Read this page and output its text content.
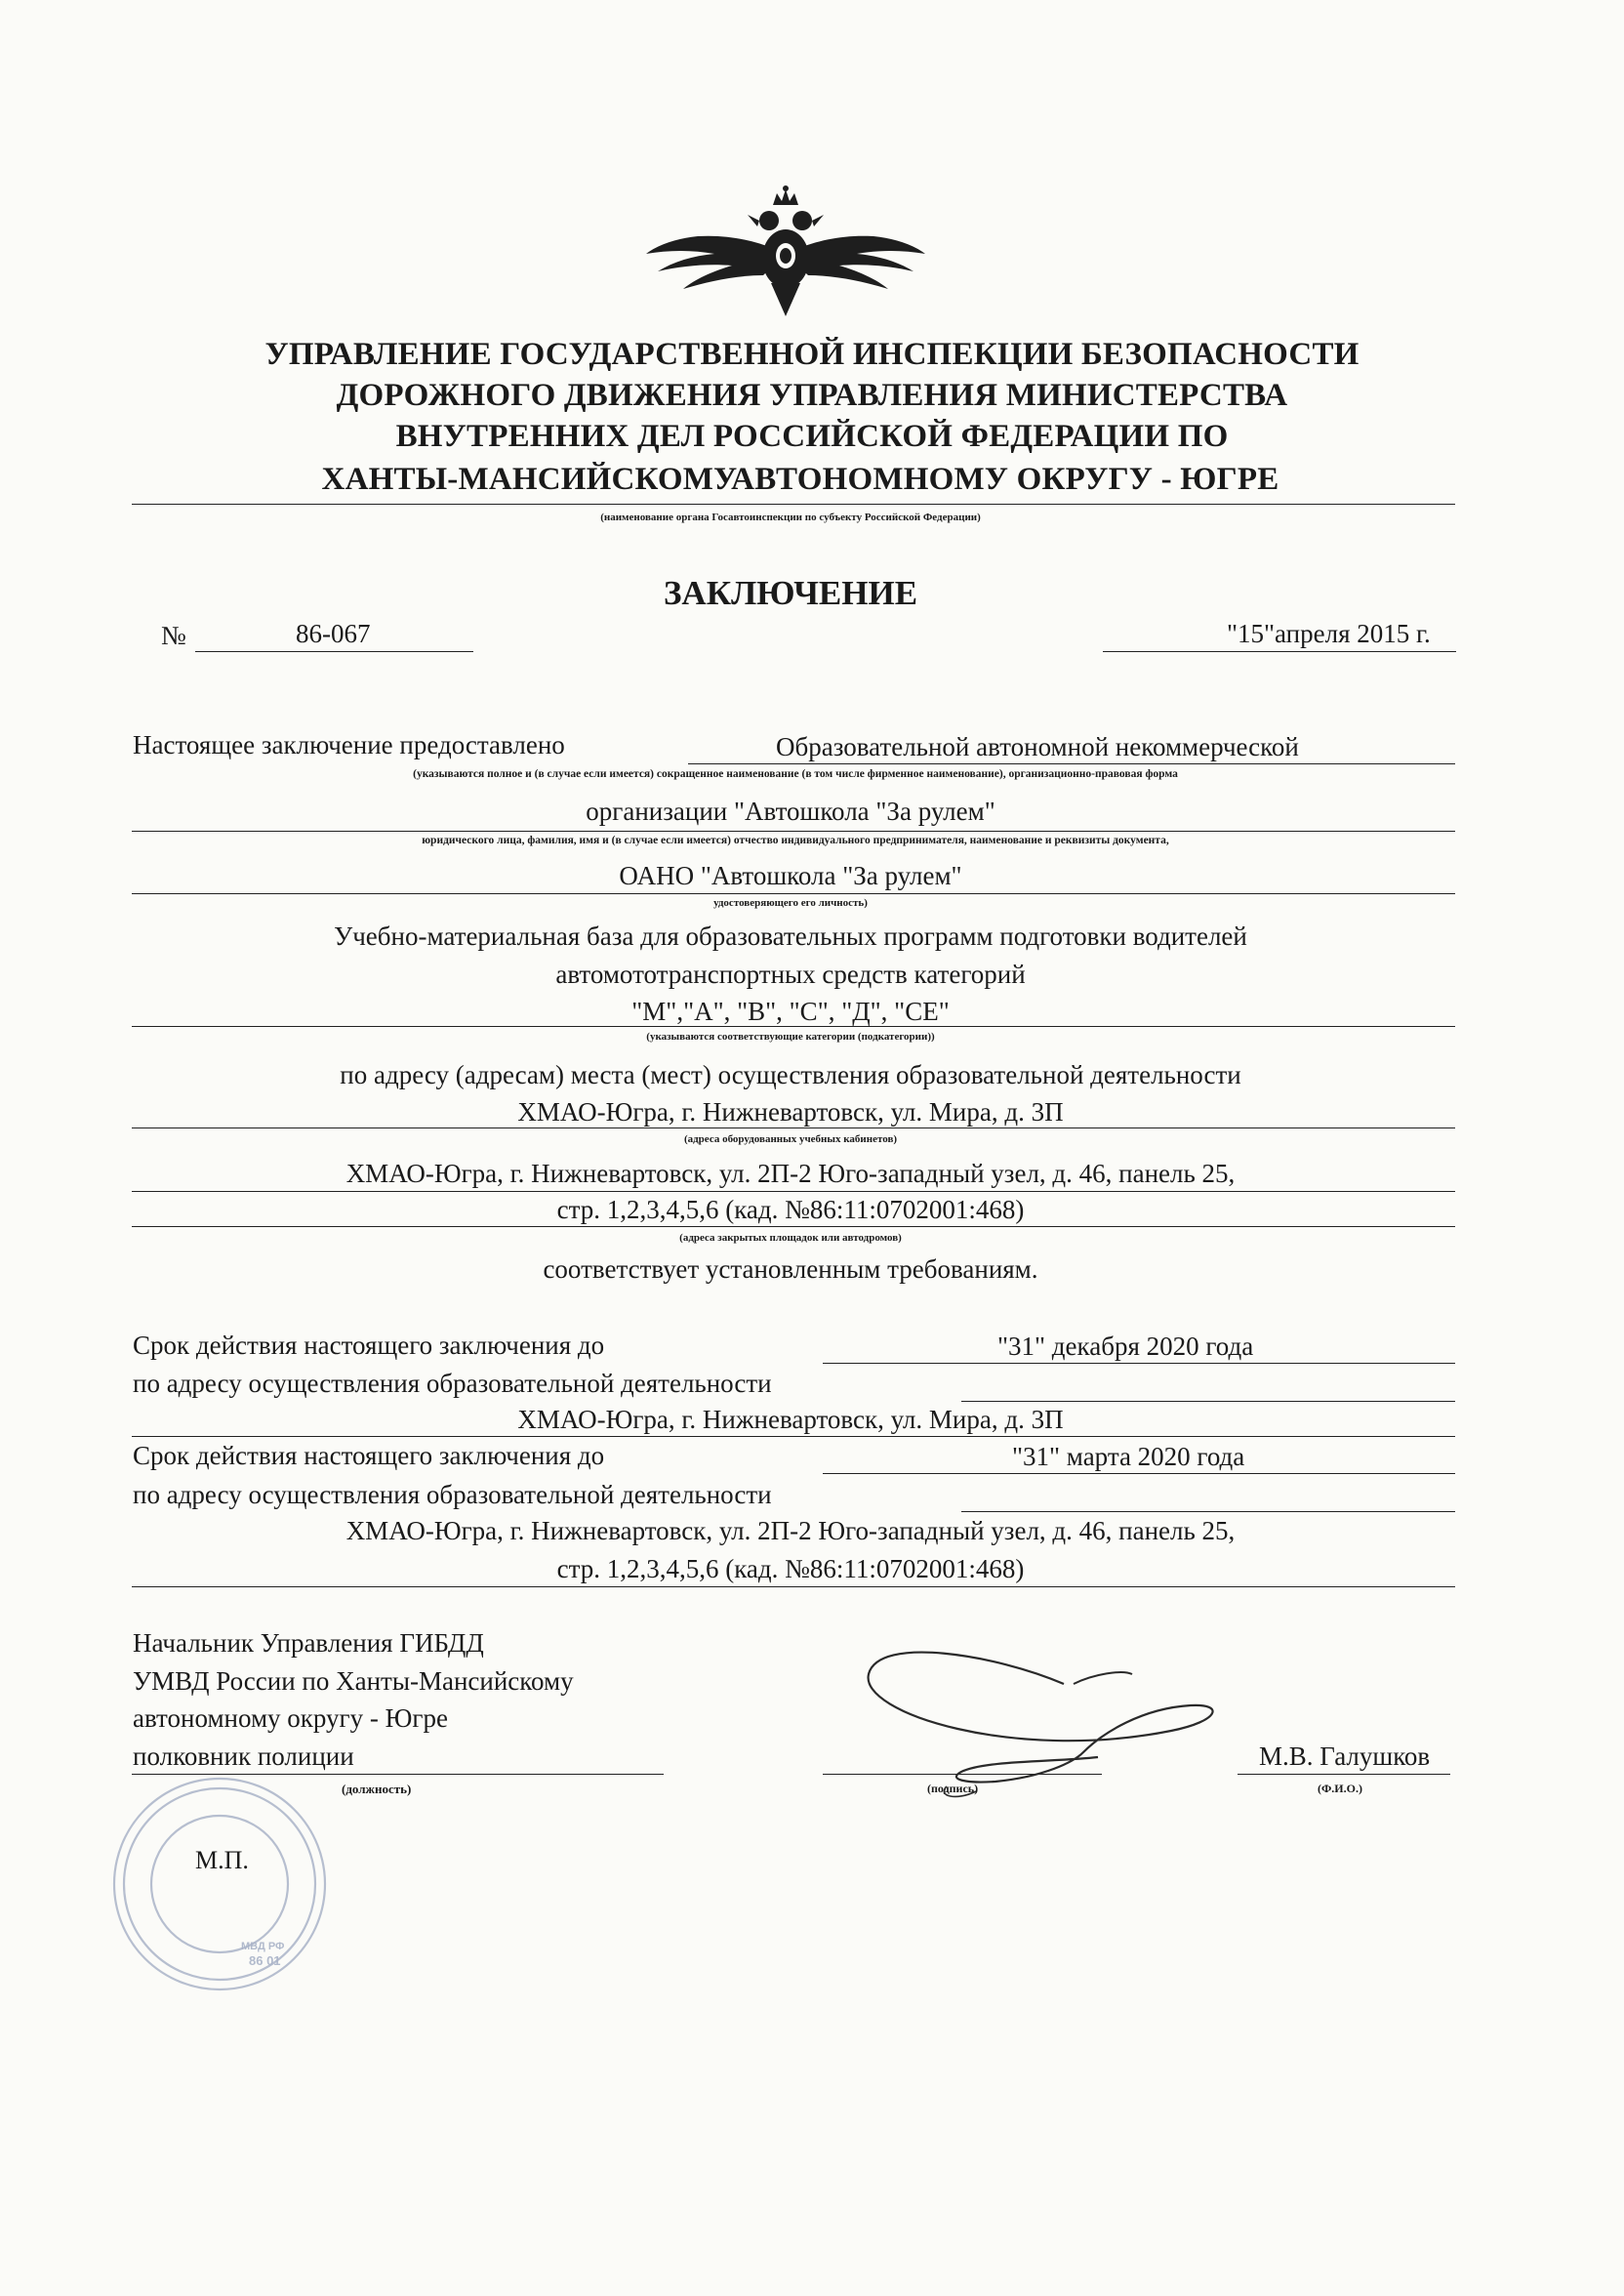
УПРАВЛЕНИЕ ГОСУДАРСТВЕННОЙ ИНСПЕКЦИИ БЕЗОПАСНОСТИ
ДОРОЖНОГО ДВИЖЕНИЯ УПРАВЛЕНИЯ МИНИСТЕРСТВА
ВНУТРЕННИХ ДЕЛ РОССИЙСКОЙ ФЕДЕРАЦИИ ПО
ХАНТЫ-МАНСИЙСКОМУАВТОНОМНОМУ ОКРУГУ - ЮГРЕ
(наименование органа Госавтоинспекции по субъекту Российской Федерации)
ЗАКЛЮЧЕНИЕ
№	86-067	"15"апреля 2015 г.
Настоящее заключение предоставлено	Образовательной автономной некоммерческой
(указываются полное и (в случае если имеется) сокращенное наименование (в том числе фирменное наименование), организационно-правовая форма
организации "Автошкола "За рулем"
юридического лица, фамилия, имя и (в случае если имеется) отчество индивидуального предпринимателя, наименование и реквизиты документа,
ОАНО "Автошкола "За рулем"
удостоверяющего его личность)
Учебно-материальная база для образовательных программ подготовки водителей
автомототранспортных средств категорий
"М","А", "В", "С", "Д", "СЕ"
(указываются соответствующие категории (подкатегории))
по адресу (адресам) места (мест) осуществления образовательной деятельности
ХМАО-Югра, г. Нижневартовск, ул. Мира, д. 3П
(адреса оборудованных учебных кабинетов)
ХМАО-Югра, г. Нижневартовск, ул. 2П-2 Юго-западный узел, д. 46, панель 25,
стр. 1,2,3,4,5,6 (кад. №86:11:0702001:468)
(адреса закрытых площадок или автодромов)
соответствует установленным требованиям.
Срок действия настоящего заключения до	"31" декабря 2020 года
по адресу осуществления образовательной деятельности
ХМАО-Югра, г. Нижневартовск, ул. Мира, д. 3П
Срок действия настоящего заключения до	"31" марта 2020 года
по адресу осуществления образовательной деятельности
ХМАО-Югра, г. Нижневартовск, ул. 2П-2 Юго-западный узел, д. 46, панель 25,
стр. 1,2,3,4,5,6 (кад. №86:11:0702001:468)
Начальник Управления ГИБДД
УМВД России по Ханты-Мансийскому
автономному округу - Югре
полковник полиции
(должность)	(подпись)
М.В. Галушков
(Ф.И.О.)
МВД РФ
86 01
М.П.
